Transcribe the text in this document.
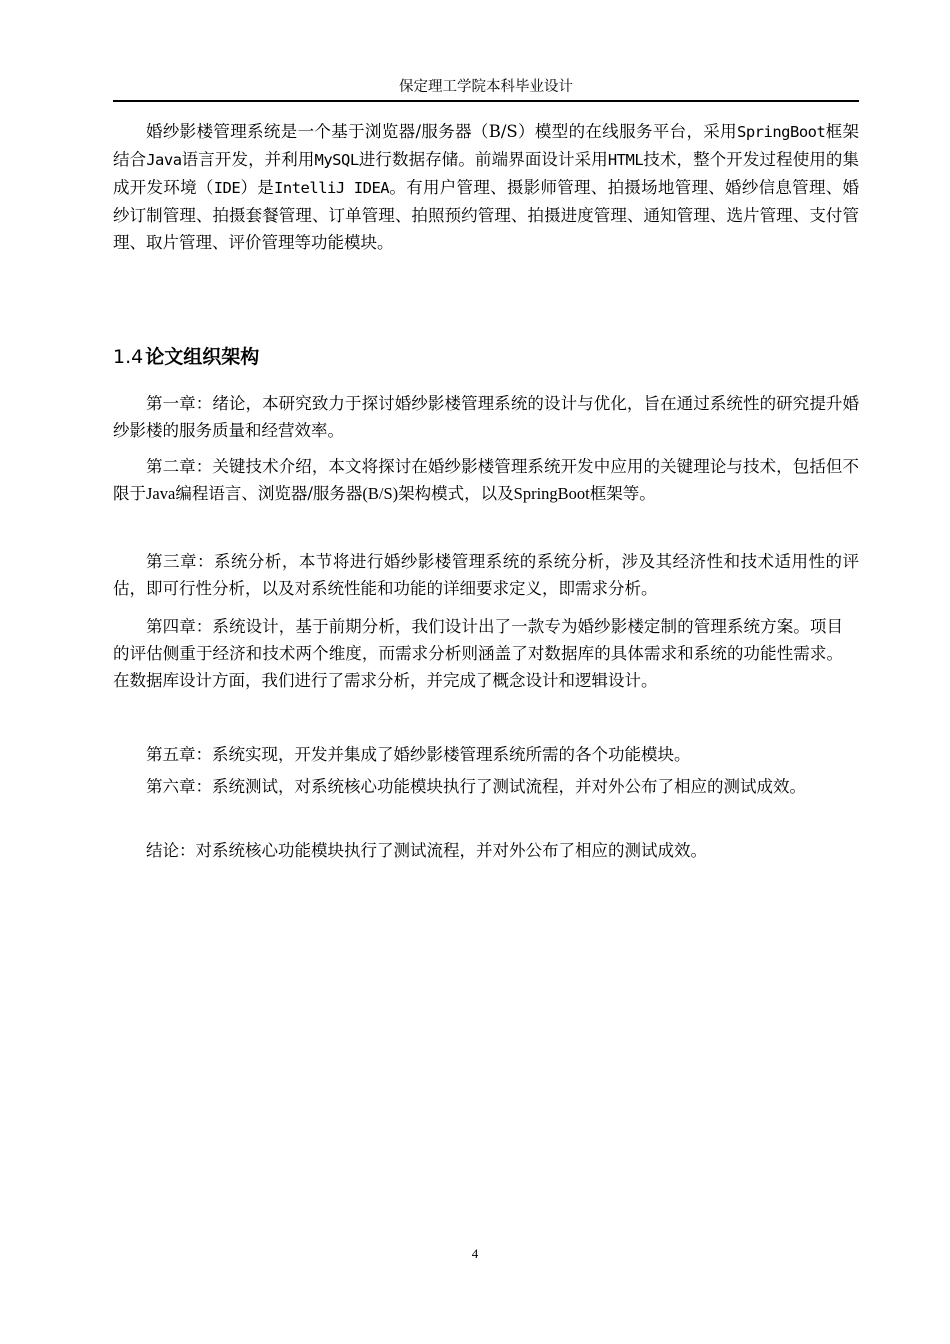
保定理工学院本科毕业设计

婚纱影楼管理系统是一个基于浏览器/服务器（B/S）模型的在线服务平台，采用SpringBoot框架结合Java语言开发，并利用MySQL进行数据存储。前端界面设计采用HTML技术，整个开发过程使用的集成开发环境（IDE）是IntelliJ IDEA。有用户管理、摄影师管理、拍摄场地管理、婚纱信息管理、婚纱订制管理、拍摄套餐管理、订单管理、拍照预约管理、拍摄进度管理、通知管理、选片管理、支付管理、取片管理、评价管理等功能模块。

1.4 论文组织架构

第一章：绪论，本研究致力于探讨婚纱影楼管理系统的设计与优化，旨在通过系统性的研究提升婚纱影楼的服务质量和经营效率。

第二章：关键技术介绍，本文将探讨在婚纱影楼管理系统开发中应用的关键理论与技术，包括但不限于Java编程语言、浏览器/服务器(B/S)架构模式，以及SpringBoot框架等。

第三章：系统分析，本节将进行婚纱影楼管理系统的系统分析，涉及其经济性和技术适用性的评估，即可行性分析，以及对系统性能和功能的详细要求定义，即需求分析。

第四章：系统设计，基于前期分析，我们设计出了一款专为婚纱影楼定制的管理系统方案。项目的评估侧重于经济和技术两个维度，而需求分析则涵盖了对数据库的具体需求和系统的功能性需求。在数据库设计方面，我们进行了需求分析，并完成了概念设计和逻辑设计。

第五章：系统实现，开发并集成了婚纱影楼管理系统所需的各个功能模块。

第六章：系统测试，对系统核心功能模块执行了测试流程，并对外公布了相应的测试成效。

结论：对系统核心功能模块执行了测试流程，并对外公布了相应的测试成效。

4
